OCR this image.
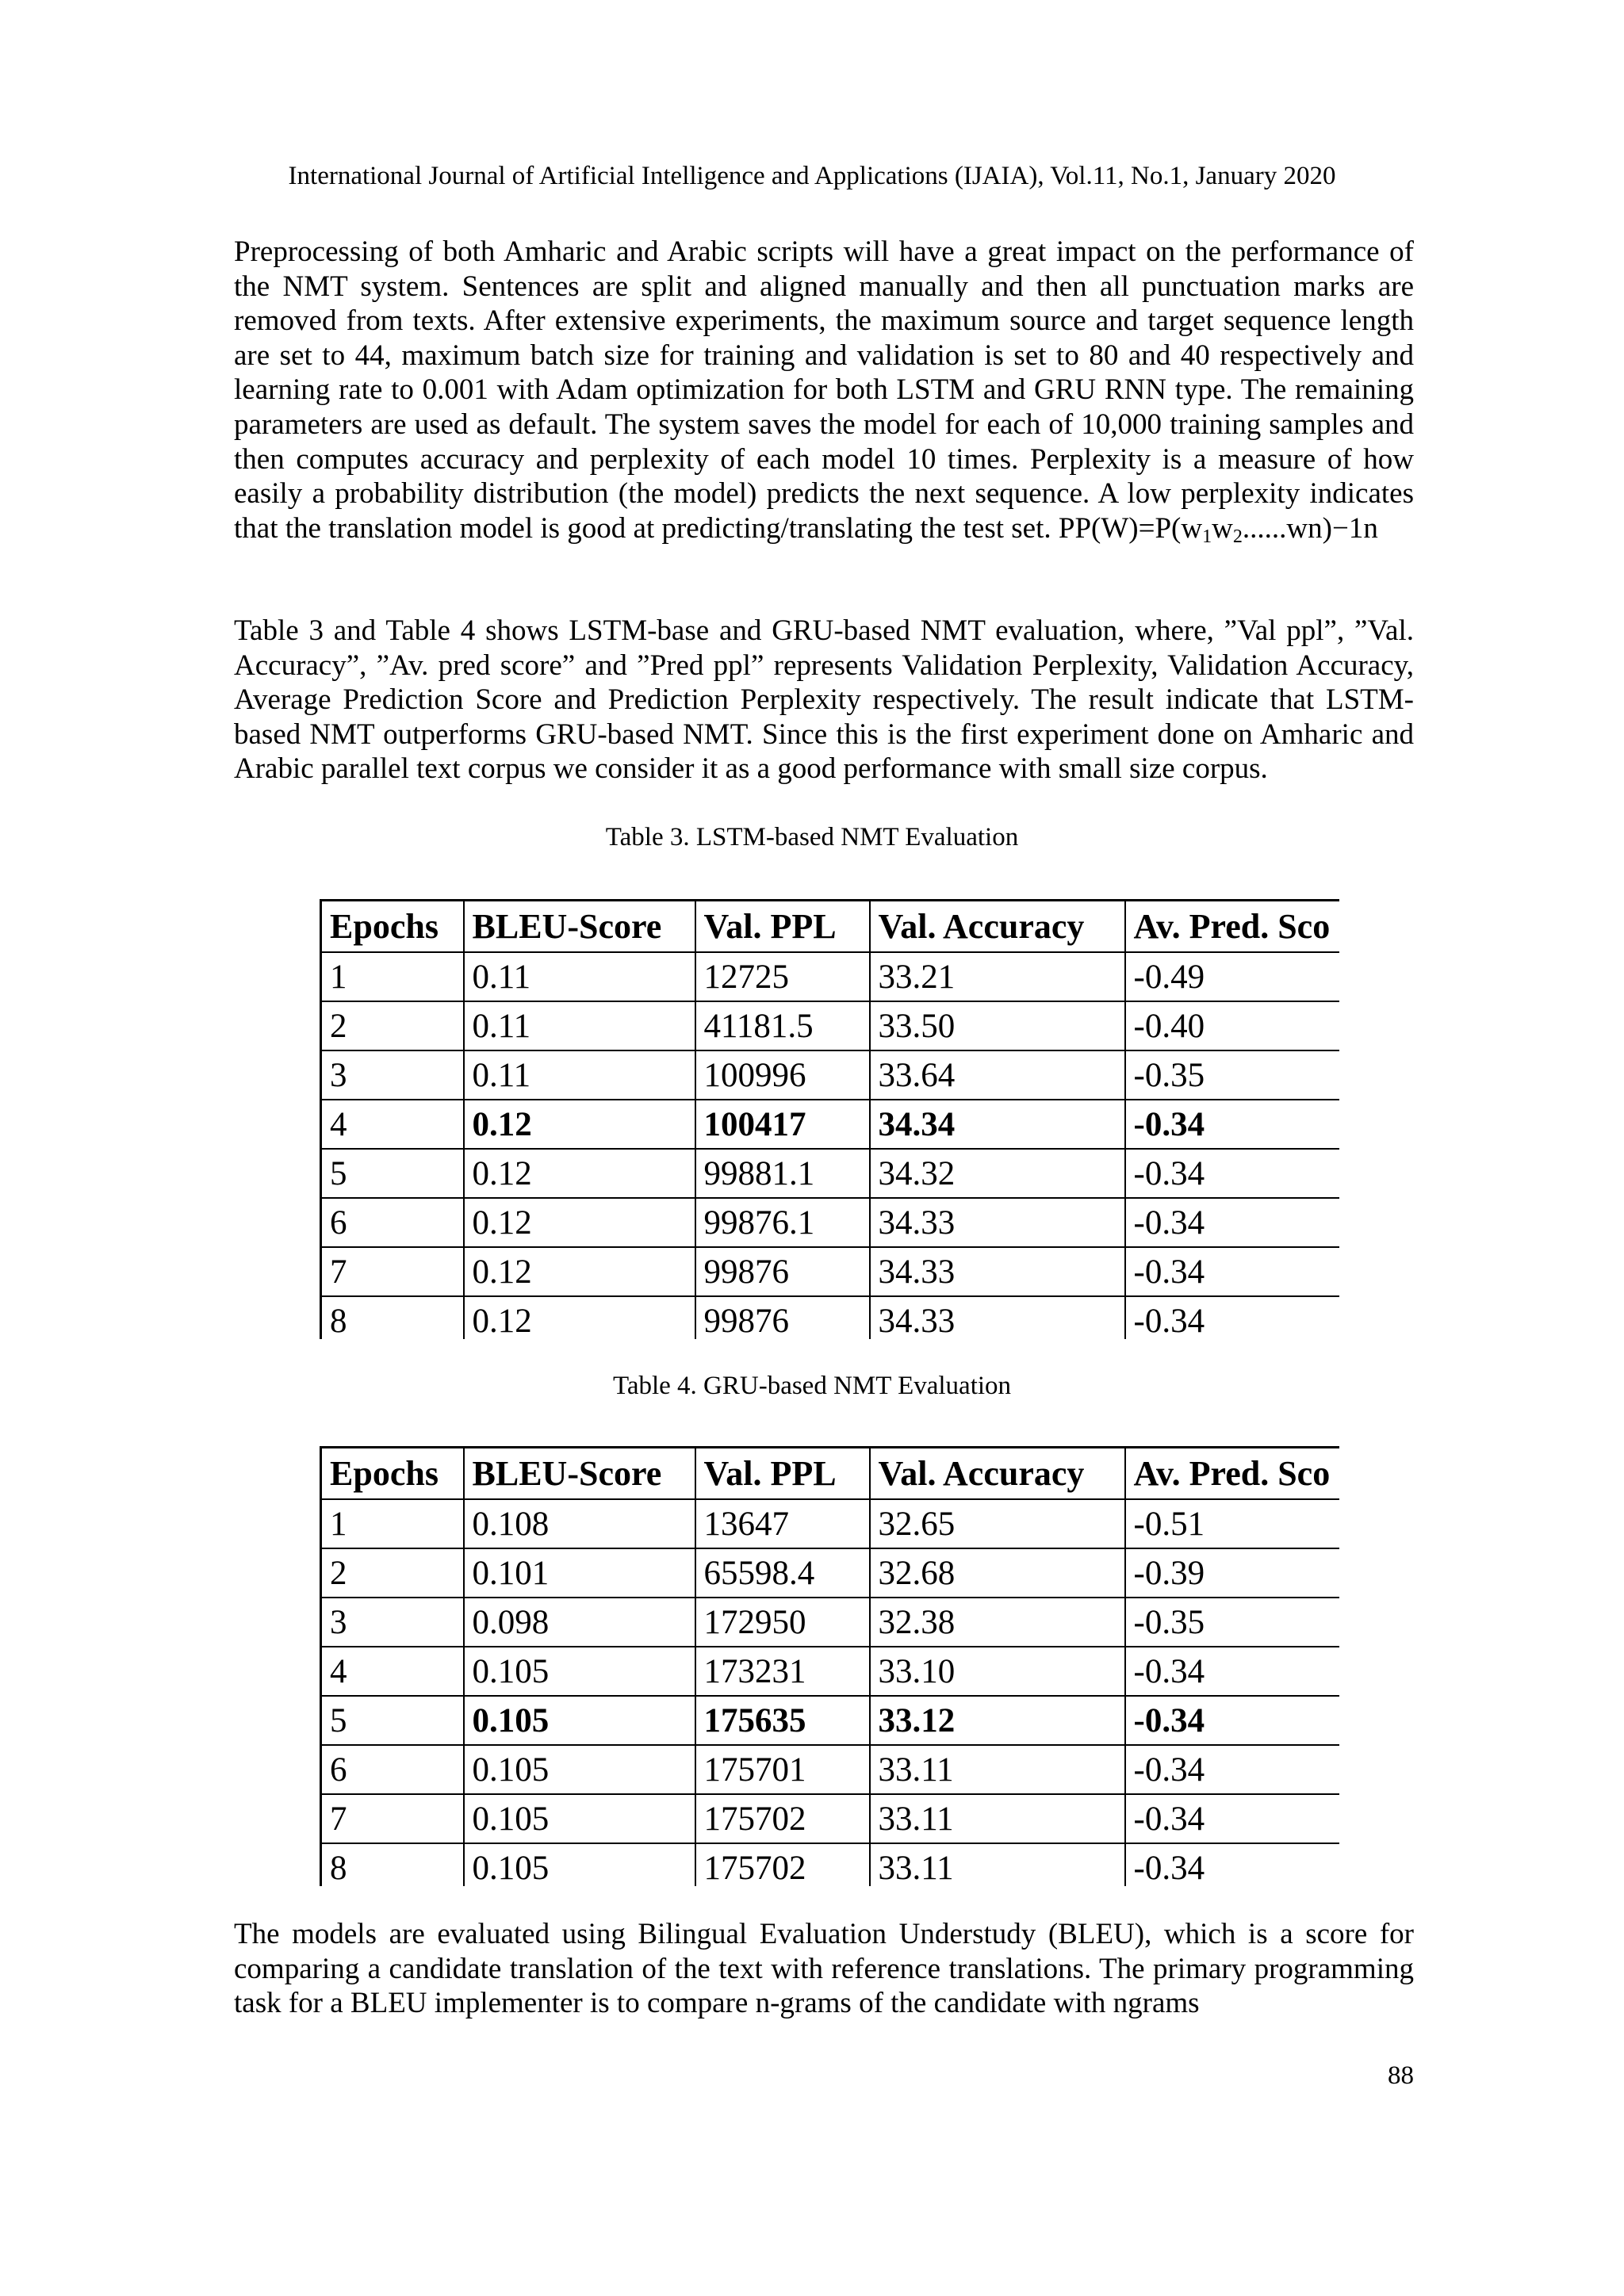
International Journal of Artificial Intelligence and Applications (IJAIA), Vol.11, No.1, January 2020

Preprocessing of both Amharic and Arabic scripts will have a great impact on the performance of the NMT system. Sentences are split and aligned manually and then all punctuation marks are removed from texts. After extensive experiments, the maximum source and target sequence length are set to 44, maximum batch size for training and validation is set to 80 and 40 respectively and learning rate to 0.001 with Adam optimization for both LSTM and GRU RNN type. The remaining parameters are used as default. The system saves the model for each of 10,000 training samples and then computes accuracy and perplexity of each model 10 times. Perplexity is a measure of how easily a probability distribution (the model) predicts the next sequence. A low perplexity indicates that the translation model is good at predicting/translating the test set. $PP(W)=P(w_1w_2......wn)-1n$

Table 3 and Table 4 shows LSTM-base and GRU-based NMT evaluation, where, ”Val ppl”, ”Val. Accuracy”, ”Av. pred score” and ”Pred ppl” represents Validation Perplexity, Validation Accuracy, Average Prediction Score and Prediction Perplexity respectively. The result indicate that LSTM-based NMT outperforms GRU-based NMT. Since this is the first experiment done on Amharic and Arabic parallel text corpus we consider it as a good performance with small size corpus.

Table 3. LSTM-based NMT Evaluation
Epochs	BLEU-Score	Val. PPL	Val. Accuracy	Av. Pred. Sco
1	0.11	12725	33.21	-0.49
2	0.11	41181.5	33.50	-0.40
3	0.11	100996	33.64	-0.35
4	0.12	100417	34.34	-0.34
5	0.12	99881.1	34.32	-0.34
6	0.12	99876.1	34.33	-0.34
7	0.12	99876	34.33	-0.34
8	0.12	99876	34.33	-0.34
Table 4. GRU-based NMT Evaluation
Epochs	BLEU-Score	Val. PPL	Val. Accuracy	Av. Pred. Sco
1	0.108	13647	32.65	-0.51
2	0.101	65598.4	32.68	-0.39
3	0.098	172950	32.38	-0.35
4	0.105	173231	33.10	-0.34
5	0.105	175635	33.12	-0.34
6	0.105	175701	33.11	-0.34
7	0.105	175702	33.11	-0.34
8	0.105	175702	33.11	-0.34

The models are evaluated using Bilingual Evaluation Understudy (BLEU), which is a score for comparing a candidate translation of the text with reference translations. The primary programming task for a BLEU implementer is to compare n-grams of the candidate with ngrams

88
